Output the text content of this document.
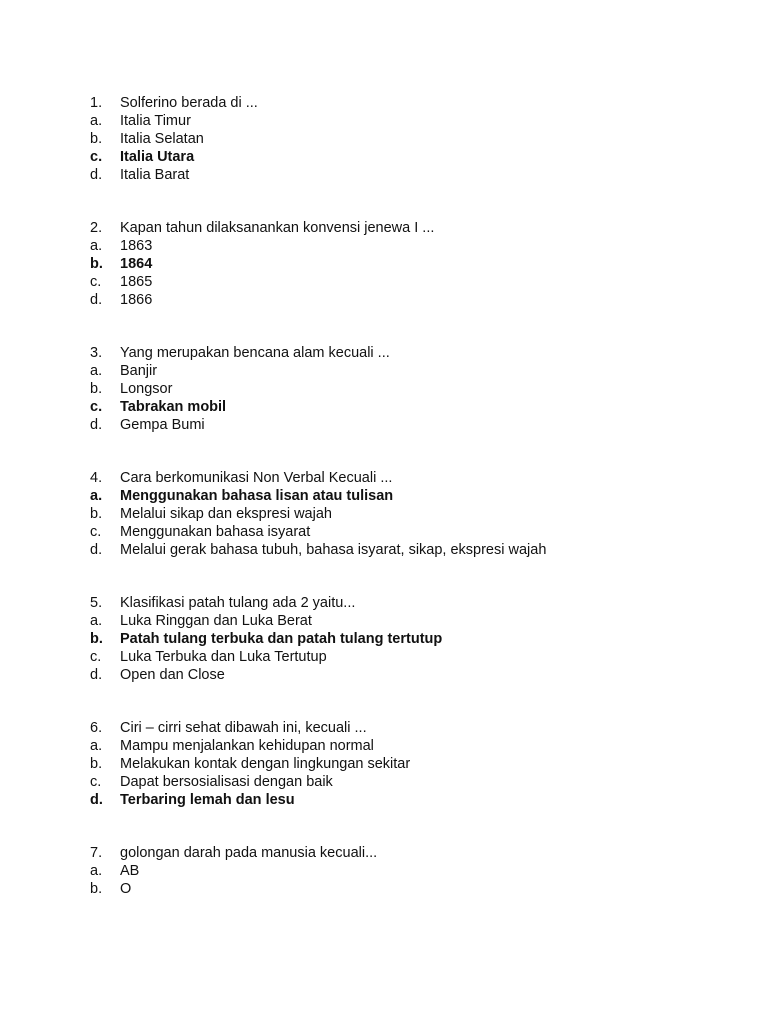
1.	Solferino berada di ...
a.	Italia Timur
b.	Italia Selatan
c.	Italia Utara
d.	Italia Barat
2.	Kapan tahun dilaksanankan konvensi jenewa I ...
a.	1863
b.	1864
c.	1865
d.	1866
3.	Yang merupakan bencana alam kecuali ...
a.	Banjir
b.	Longsor
c.	Tabrakan mobil
d.	Gempa Bumi
4.	Cara berkomunikasi Non Verbal Kecuali ...
a.	Menggunakan bahasa lisan atau tulisan
b.	Melalui sikap dan ekspresi wajah
c.	Menggunakan bahasa isyarat
d.	Melalui gerak bahasa tubuh, bahasa isyarat, sikap, ekspresi wajah
5.	Klasifikasi patah tulang ada 2 yaitu...
a.	Luka Ringgan dan Luka Berat
b.	Patah tulang terbuka dan patah tulang tertutup
c.	Luka Terbuka dan Luka Tertutup
d.	Open dan Close
6.	Ciri – cirri sehat dibawah ini, kecuali ...
a.	Mampu menjalankan kehidupan normal
b.	Melakukan kontak dengan lingkungan sekitar
c.	Dapat bersosialisasi dengan baik
d.	Terbaring lemah dan lesu
7.	golongan darah pada manusia kecuali...
a.	AB
b.	O
